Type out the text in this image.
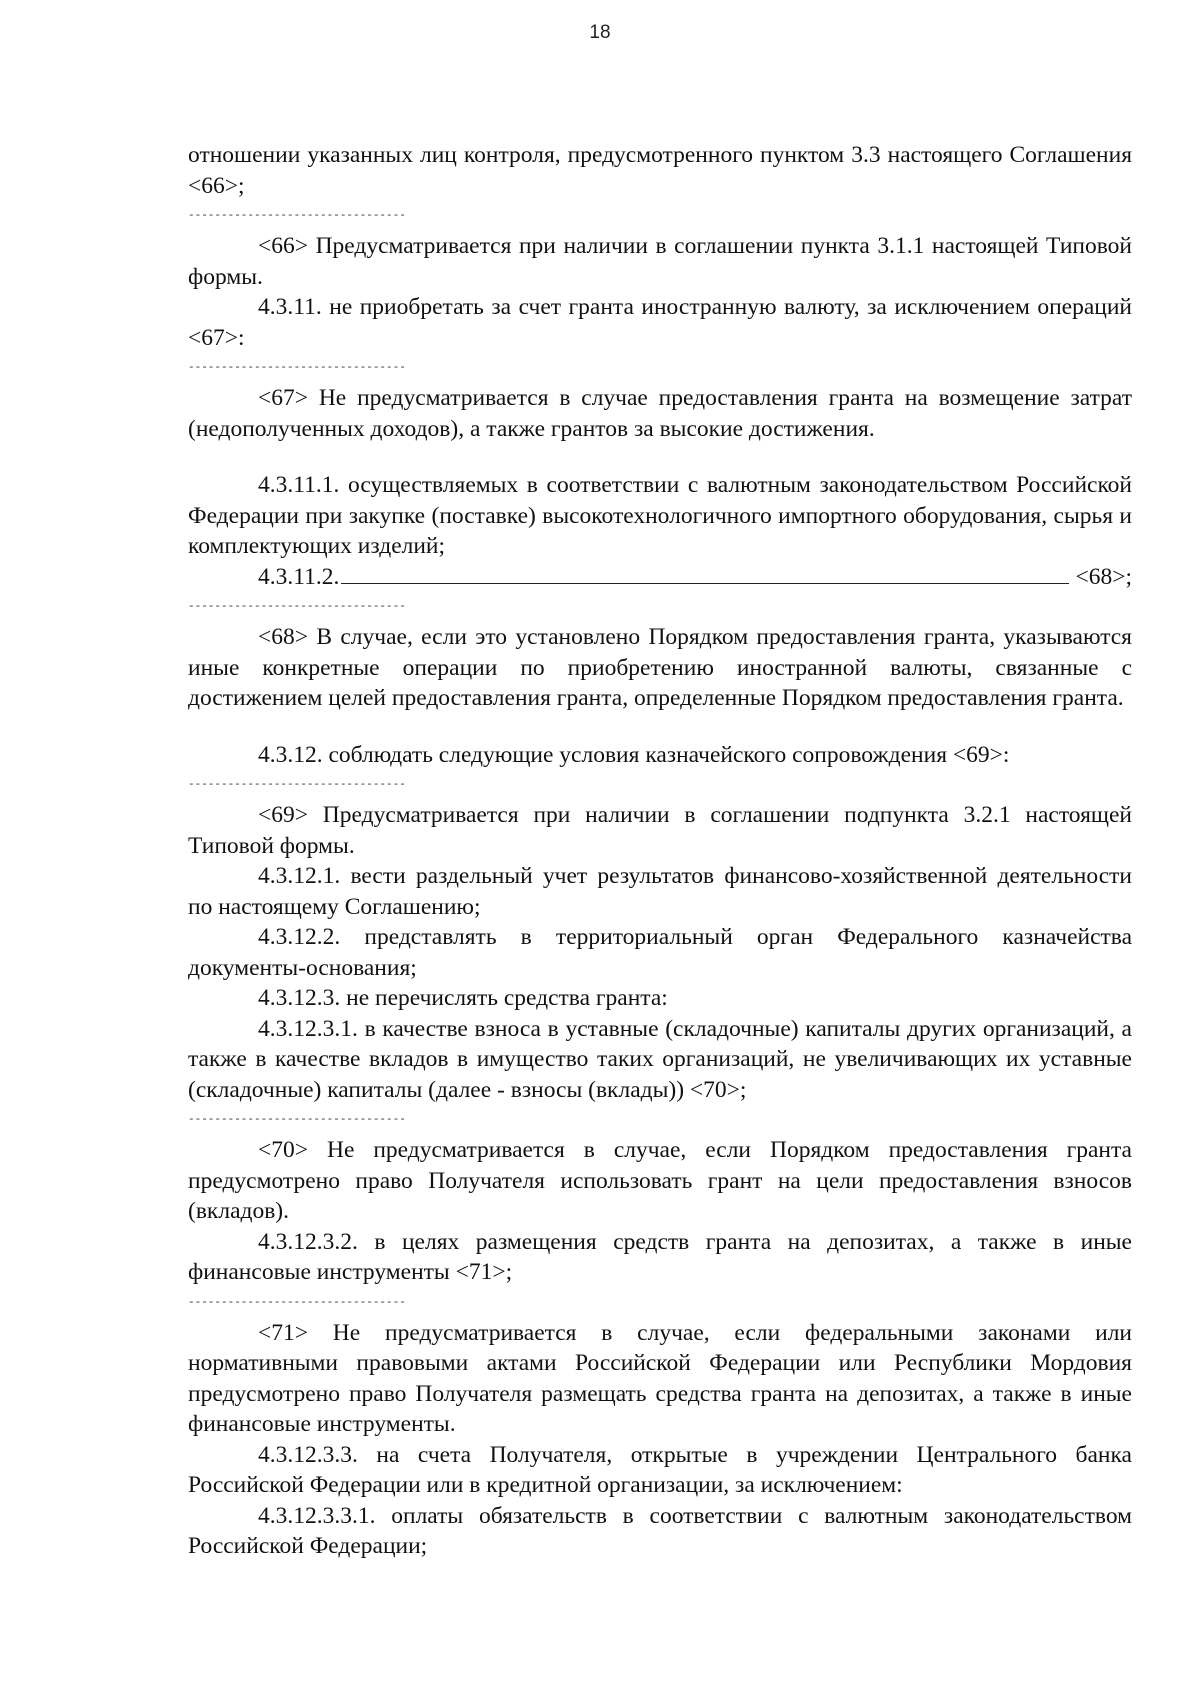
18

отношении указанных лиц контроля, предусмотренного пунктом 3.3 настоящего Соглашения <66>;

---------------------------------

<66> Предусматривается при наличии в соглашении пункта 3.1.1 настоящей Типовой формы.

4.3.11. не приобретать за счет гранта иностранную валюту, за исключением операций <67>:

---------------------------------

<67> Не предусматривается в случае предоставления гранта на возмещение затрат (недополученных доходов), а также грантов за высокие достижения.

4.3.11.1. осуществляемых в соответствии с валютным законодательством Российской Федерации при закупке (поставке) высокотехнологичного импортного оборудования, сырья и комплектующих изделий;

4.3.11.2.	<68>;
---------------------------------

<68> В случае, если это установлено Порядком предоставления гранта, указываются иные конкретные операции по приобретению иностранной валюты, связанные с достижением целей предоставления гранта, определенные Порядком предоставления гранта.

4.3.12. соблюдать следующие условия казначейского сопровождения <69>:

---------------------------------

<69> Предусматривается при наличии в соглашении подпункта 3.2.1 настоящей Типовой формы.

4.3.12.1. вести раздельный учет результатов финансово-хозяйственной деятельности по настоящему Соглашению;

4.3.12.2. представлять в территориальный орган Федерального казначейства документы-основания;

4.3.12.3. не перечислять средства гранта:

4.3.12.3.1. в качестве взноса в уставные (складочные) капиталы других организаций, а также в качестве вкладов в имущество таких организаций, не увеличивающих их уставные (складочные) капиталы (далее - взносы (вклады)) <70>;

---------------------------------

<70> Не предусматривается в случае, если Порядком предоставления гранта предусмотрено право Получателя использовать грант на цели предоставления взносов (вкладов).

4.3.12.3.2. в целях размещения средств гранта на депозитах, а также в иные финансовые инструменты <71>;

---------------------------------

<71> Не предусматривается в случае, если федеральными законами или нормативными правовыми актами Российской Федерации или Республики Мордовия предусмотрено право Получателя размещать средства гранта на депозитах, а также в иные финансовые инструменты.

4.3.12.3.3. на счета Получателя, открытые в учреждении Центрального банка Российской Федерации или в кредитной организации, за исключением:

4.3.12.3.3.1. оплаты обязательств в соответствии с валютным законодательством Российской Федерации;
